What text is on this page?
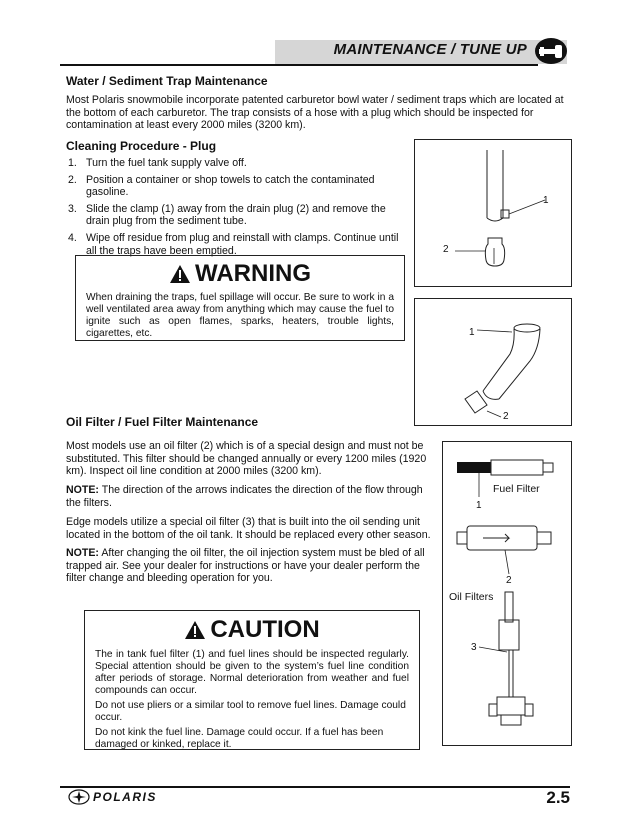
MAINTENANCE / TUNE UP
Water / Sediment Trap Maintenance

Most Polaris snowmobile incorporate patented carburetor bowl water / sediment traps which are located at the bottom of each carburetor. The trap consists of a hose with a plug which should be inspected for contamination at least every 2000 miles (3200 km).

Cleaning Procedure - Plug
1. Turn the fuel tank supply valve off.
2. Position a container or shop towels to catch the contaminated gasoline.
3. Slide the clamp (1) away from the drain plug (2) and remove the drain plug from the sediment tube.
4. Wipe off residue from plug and reinstall with clamps. Continue until all the traps have been emptied.
WARNING

When draining the traps, fuel spillage will occur. Be sure to work in a well ventilated area away from anything which may cause the fuel to ignite such as open flames, sparks, heaters, trouble lights, cigarettes, etc.

1
2
1
2
Oil Filter / Fuel Filter Maintenance

Most models use an oil filter (2) which is of a special design and must not be substituted. This filter should be changed annually or every 1200 miles (1920 km). Inspect oil line condition at 2000 miles (3200 km).

NOTE: The direction of the arrows indicates the direction of the flow through the filters.

Edge models utilize a special oil filter (3) that is built into the oil sending unit located in the bottom of the oil tank. It should be replaced every other season.

NOTE: After changing the oil filter, the oil injection system must be bled of all trapped air. See your dealer for instructions or have your dealer perform the filter change and bleeding operation for you.

Fuel Filter
1
2
Oil Filters
3
CAUTION

The in tank fuel filter (1) and fuel lines should be inspected regularly. Special attention should be given to the system’s fuel line condition after periods of storage. Normal deterioration from weather and fuel compounds can occur.

Do not use pliers or a similar tool to remove fuel lines. Damage could occur.

Do not kink the fuel line. Damage could occur. If a fuel has been damaged or kinked, replace it.

POLARIS	2.5
